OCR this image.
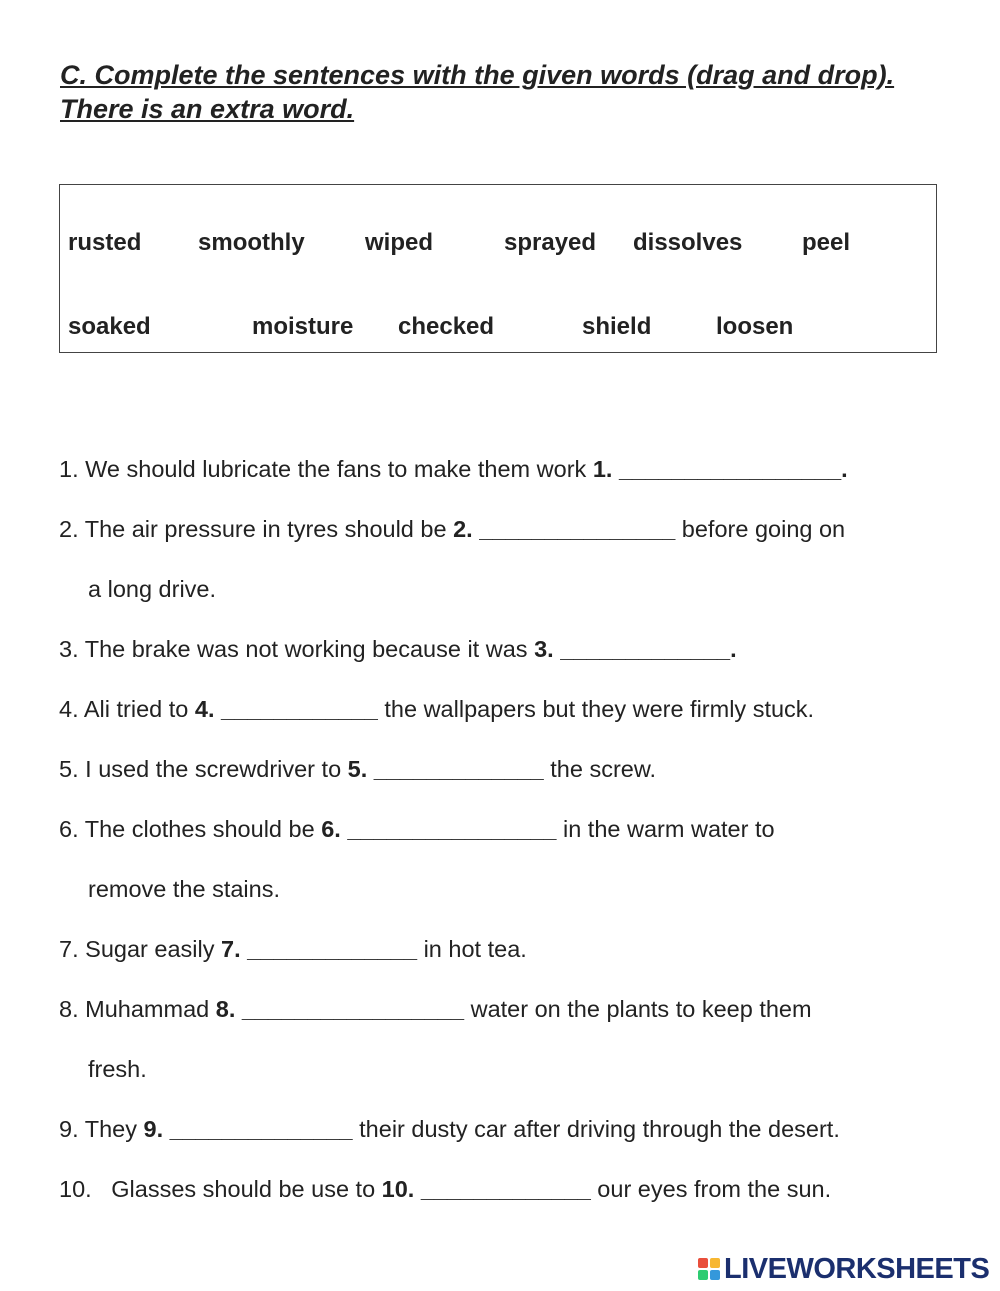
C. Complete the sentences with the given words (drag and drop). There is an extra word.
rusted smoothly	wiped	sprayed dissolves peel
soaked	moisture checked	shield	loosen
1. We should lubricate the fans to make them work 1. _________________.
2. The air pressure in tyres should be 2. _______________ before going on
a long drive.
3. The brake was not working because it was 3. _____________.
4. Ali tried to 4. ____________ the wallpapers but they were firmly stuck.
5. I used the screwdriver to 5. _____________ the screw.
6. The clothes should be 6. ________________ in the warm water to
remove the stains.
7. Sugar easily 7. _____________ in hot tea.
8. Muhammad 8. _________________ water on the plants to keep them
fresh.
9. They 9. ______________ their dusty car after driving through the desert.
10.   Glasses should be use to 10. _____________ our eyes from the sun.
LIVEWORKSHEETS
